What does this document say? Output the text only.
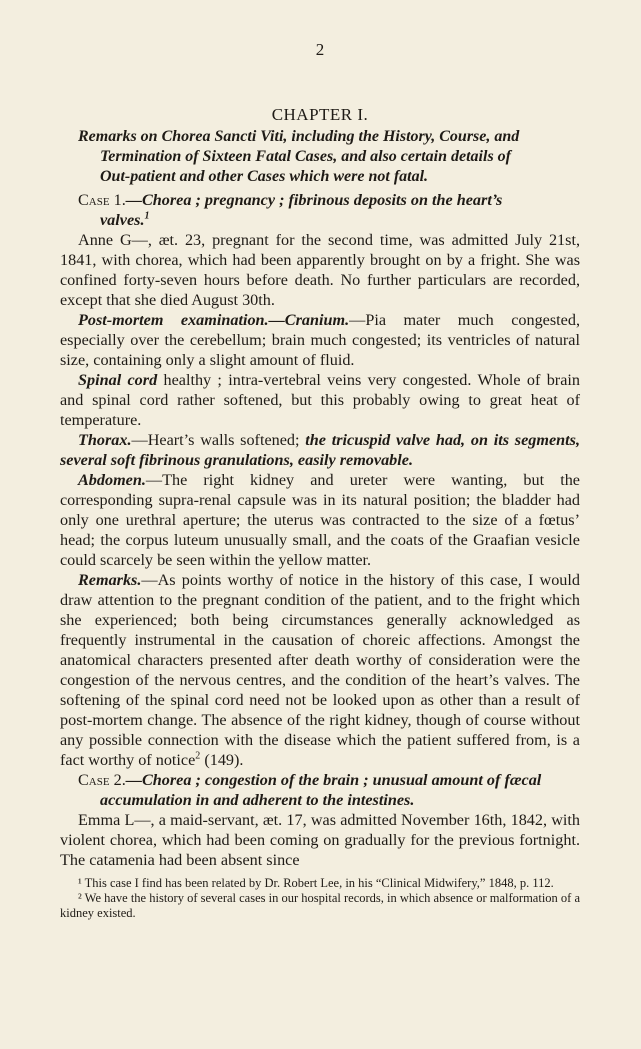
2
CHAPTER I.
Remarks on Chorea Sancti Viti, including the History, Course, and
Termination of Sixteen Fatal Cases, and also certain details of
Out-patient and other Cases which were not fatal.

Case 1.—Chorea ; pregnancy ; fibrinous deposits on the heart’s

valves.$^1$

Anne G—, æt. 23, pregnant for the second time, was admitted July 21st, 1841, with chorea, which had been apparently brought on by a fright. She was confined forty-seven hours before death. No further particulars are recorded, except that she died August 30th.

Post-mortem examination.—Cranium.—Pia mater much congested, especially over the cerebellum; brain much congested; its ventricles of natural size, containing only a slight amount of fluid.

Spinal cord healthy ; intra-vertebral veins very congested. Whole of brain and spinal cord rather softened, but this probably owing to great heat of temperature.

Thorax.—Heart’s walls softened; the tricuspid valve had, on its segments, several soft fibrinous granulations, easily removable.

Abdomen.—The right kidney and ureter were wanting, but the corresponding supra-renal capsule was in its natural position; the bladder had only one urethral aperture; the uterus was contracted to the size of a fœtus’ head; the corpus luteum unusually small, and the coats of the Graafian vesicle could scarcely be seen within the yellow matter.

Remarks.—As points worthy of notice in the history of this case, I would draw attention to the pregnant condition of the patient, and to the fright which she experienced; both being circumstances generally acknowledged as frequently instrumental in the causation of choreic affections. Amongst the anatomical characters presented after death worthy of consideration were the congestion of the nervous centres, and the condition of the heart’s valves. The softening of the spinal cord need not be looked upon as other than a result of post-mortem change. The absence of the right kidney, though of course without any possible connection with the disease which the patient suffered from, is a fact worthy of notice$^2$ (149).

Case 2.—Chorea ; congestion of the brain ; unusual amount of fæcal

accumulation in and adherent to the intestines.

Emma L—, a maid-servant, æt. 17, was admitted November 16th, 1842, with violent chorea, which had been coming on gradually for the previous fortnight. The catamenia had been absent since

¹ This case I find has been related by Dr. Robert Lee, in his “Clinical Midwifery,” 1848, p. 112.

² We have the history of several cases in our hospital records, in which absence or malformation of a kidney existed.
